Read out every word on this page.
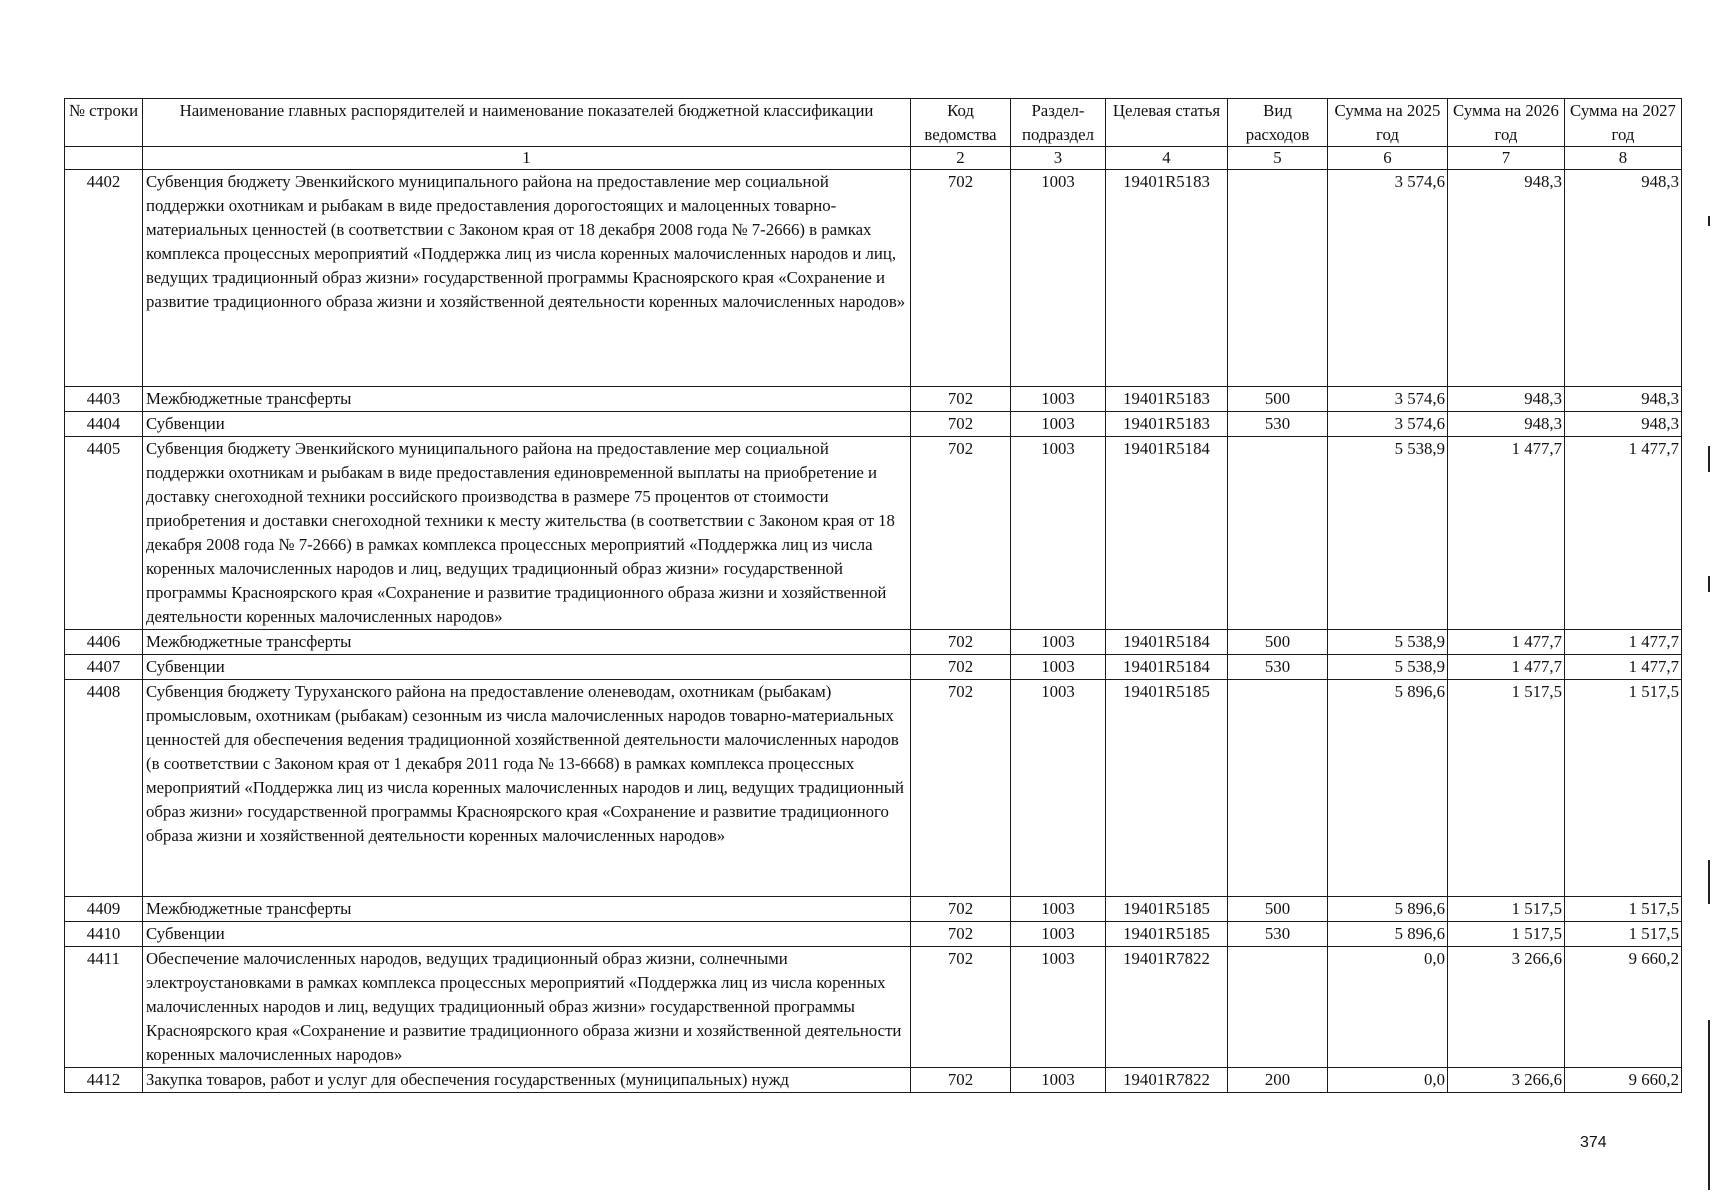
№ строки	Наименование главных распорядителей и наименование показателей бюджетной классификации	Код ведомства	Раздел-подраздел	Целевая статья	Вид расходов	Сумма на 2025 год	Сумма на 2026 год	Сумма на 2027 год
	1	2	3	4	5	6	7	8
4402	Субвенция бюджету Эвенкийского муниципального района на предоставление мер социальной поддержки охотникам и рыбакам в виде предоставления дорогостоящих и малоценных товарно-материальных ценностей (в соответствии с Законом края от 18 декабря 2008 года № 7-2666) в рамках комплекса процессных мероприятий «Поддержка лиц из числа коренных малочисленных народов и лиц, ведущих традиционный образ жизни» государственной программы Красноярского края «Сохранение и развитие традиционного образа жизни и хозяйственной деятельности коренных малочисленных народов»	702	1003	19401R5183		3 574,6	948,3	948,3
4403	Межбюджетные трансферты	702	1003	19401R5183	500	3 574,6	948,3	948,3
4404	Субвенции	702	1003	19401R5183	530	3 574,6	948,3	948,3
4405	Субвенция бюджету Эвенкийского муниципального района на предоставление мер социальной поддержки охотникам и рыбакам в виде предоставления единовременной выплаты на приобретение и доставку снегоходной техники российского производства в размере 75 процентов от стоимости приобретения и доставки снегоходной техники к месту жительства (в соответствии с Законом края от 18 декабря 2008 года № 7-2666) в рамках комплекса процессных мероприятий «Поддержка лиц из числа коренных малочисленных народов и лиц, ведущих традиционный образ жизни» государственной программы Красноярского края «Сохранение и развитие традиционного образа жизни и хозяйственной деятельности коренных малочисленных народов»	702	1003	19401R5184		5 538,9	1 477,7	1 477,7
4406	Межбюджетные трансферты	702	1003	19401R5184	500	5 538,9	1 477,7	1 477,7
4407	Субвенции	702	1003	19401R5184	530	5 538,9	1 477,7	1 477,7
4408	Субвенция бюджету Туруханского района на предоставление оленеводам, охотникам (рыбакам) промысловым, охотникам (рыбакам) сезонным из числа малочисленных народов товарно-материальных ценностей для обеспечения ведения традиционной хозяйственной деятельности малочисленных народов (в соответствии с Законом края от 1 декабря 2011 года № 13-6668) в рамках комплекса процессных мероприятий «Поддержка лиц из числа коренных малочисленных народов и лиц, ведущих традиционный образ жизни» государственной программы Красноярского края «Сохранение и развитие традиционного образа жизни и хозяйственной деятельности коренных малочисленных народов»	702	1003	19401R5185		5 896,6	1 517,5	1 517,5
4409	Межбюджетные трансферты	702	1003	19401R5185	500	5 896,6	1 517,5	1 517,5
4410	Субвенции	702	1003	19401R5185	530	5 896,6	1 517,5	1 517,5
4411	Обеспечение малочисленных народов, ведущих традиционный образ жизни, солнечными электроустановками в рамках комплекса процессных мероприятий «Поддержка лиц из числа коренных малочисленных народов и лиц, ведущих традиционный образ жизни» государственной программы Красноярского края «Сохранение и развитие традиционного образа жизни и хозяйственной деятельности коренных малочисленных народов»	702	1003	19401R7822		0,0	3 266,6	9 660,2
4412	Закупка товаров, работ и услуг для обеспечения государственных (муниципальных) нужд	702	1003	19401R7822	200	0,0	3 266,6	9 660,2
374
